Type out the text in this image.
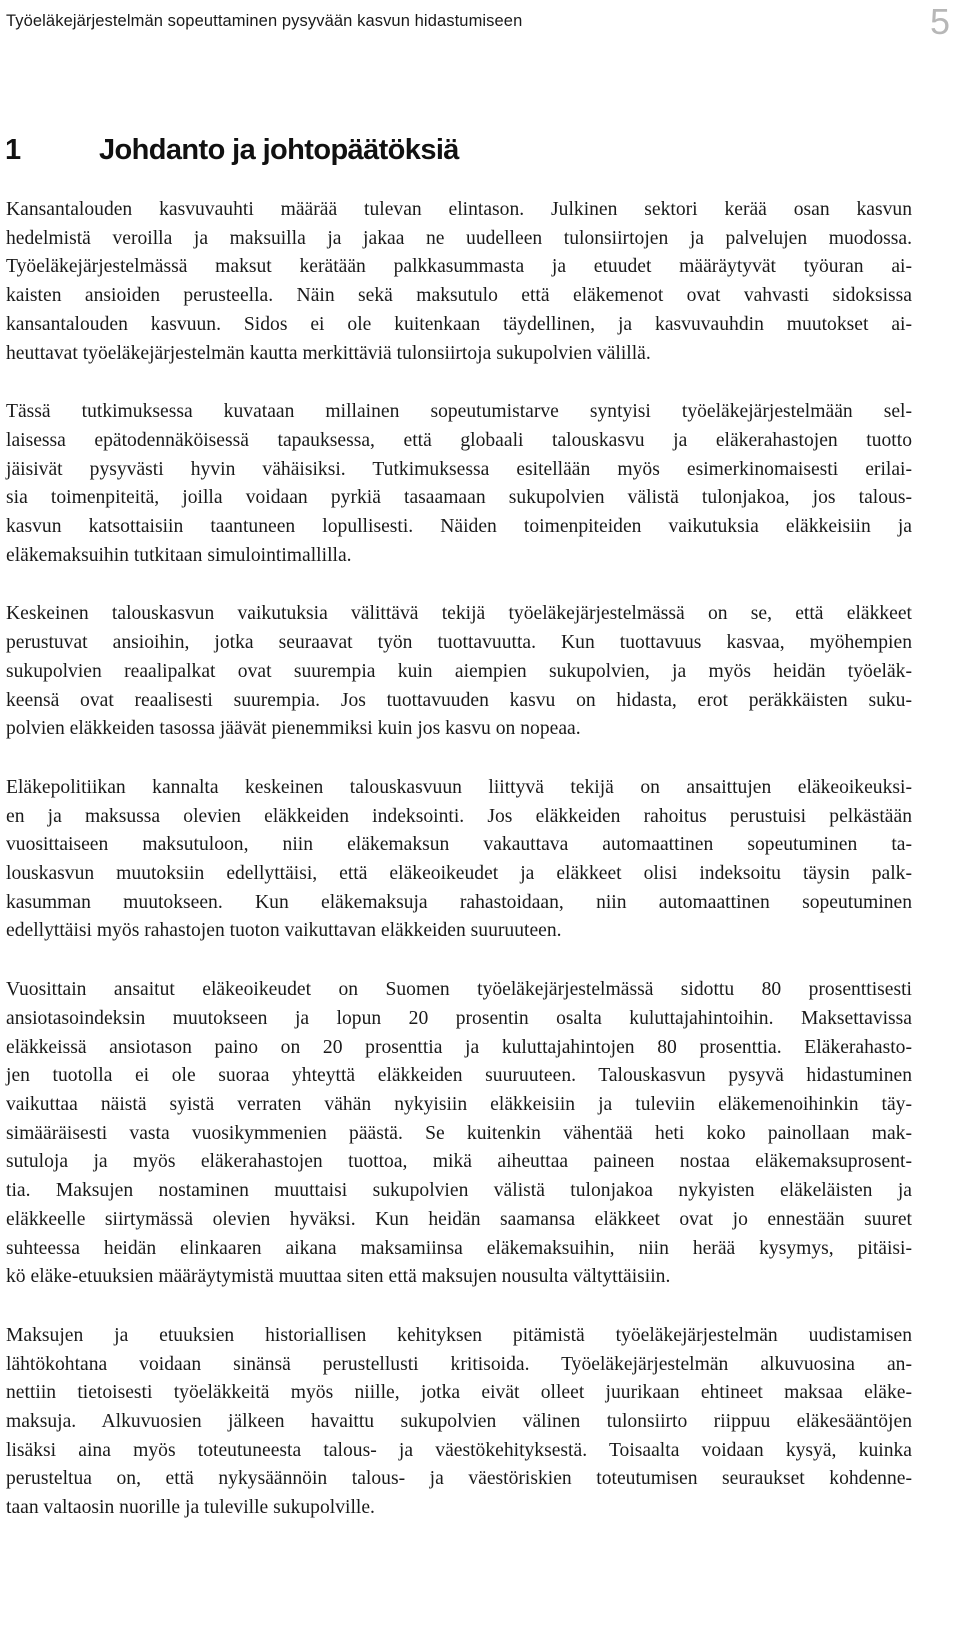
Työeläkejärjestelmän sopeuttaminen pysyvään kasvun hidastumiseen	5
1	Johdanto ja johtopäätöksiä

Kansantalouden kasvuvauhti määrää tulevan elintason. Julkinen sektori kerää osan kasvun
hedelmistä veroilla ja maksuilla ja jakaa ne uudelleen tulonsiirtojen ja palvelujen muodossa.
Työeläkejärjestelmässä maksut kerätään palkkasummasta ja etuudet määräytyvät työuran ai-
kaisten ansioiden perusteella. Näin sekä maksutulo että eläkemenot ovat vahvasti sidoksissa
kansantalouden kasvuun. Sidos ei ole kuitenkaan täydellinen, ja kasvuvauhdin muutokset ai-
heuttavat työeläkejärjestelmän kautta merkittäviä tulonsiirtoja sukupolvien välillä.

Tässä tutkimuksessa kuvataan millainen sopeutumistarve syntyisi työeläkejärjestelmään sel-
laisessa epätodennäköisessä tapauksessa, että globaali talouskasvu ja eläkerahastojen tuotto
jäisivät pysyvästi hyvin vähäisiksi. Tutkimuksessa esitellään myös esimerkinomaisesti erilai-
sia toimenpiteitä, joilla voidaan pyrkiä tasaamaan sukupolvien välistä tulonjakoa, jos talous-
kasvun katsottaisiin taantuneen lopullisesti. Näiden toimenpiteiden vaikutuksia eläkkeisiin ja
eläkemaksuihin tutkitaan simulointimallilla.

Keskeinen talouskasvun vaikutuksia välittävä tekijä työeläkejärjestelmässä on se, että eläkkeet
perustuvat ansioihin, jotka seuraavat työn tuottavuutta. Kun tuottavuus kasvaa, myöhempien
sukupolvien reaalipalkat ovat suurempia kuin aiempien sukupolvien, ja myös heidän työeläk-
keensä ovat reaalisesti suurempia. Jos tuottavuuden kasvu on hidasta, erot peräkkäisten suku-
polvien eläkkeiden tasossa jäävät pienemmiksi kuin jos kasvu on nopeaa.

Eläkepolitiikan kannalta keskeinen talouskasvuun liittyvä tekijä on ansaittujen eläkeoikeuksi-
en ja maksussa olevien eläkkeiden indeksointi. Jos eläkkeiden rahoitus perustuisi pelkästään
vuosittaiseen maksutuloon, niin eläkemaksun vakauttava automaattinen sopeutuminen ta-
louskasvun muutoksiin edellyttäisi, että eläkeoikeudet ja eläkkeet olisi indeksoitu täysin palk-
kasumman muutokseen. Kun eläkemaksuja rahastoidaan, niin automaattinen sopeutuminen
edellyttäisi myös rahastojen tuoton vaikuttavan eläkkeiden suuruuteen.

Vuosittain ansaitut eläkeoikeudet on Suomen työeläkejärjestelmässä sidottu 80 prosenttisesti
ansiotasoindeksin muutokseen ja lopun 20 prosentin osalta kuluttajahintoihin. Maksettavissa
eläkkeissä ansiotason paino on 20 prosenttia ja kuluttajahintojen 80 prosenttia. Eläkerahasto-
jen tuotolla ei ole suoraa yhteyttä eläkkeiden suuruuteen. Talouskasvun pysyvä hidastuminen
vaikuttaa näistä syistä verraten vähän nykyisiin eläkkeisiin ja tuleviin eläkemenoihinkin täy-
simääräisesti vasta vuosikymmenien päästä. Se kuitenkin vähentää heti koko painollaan mak-
sutuloja ja myös eläkerahastojen tuottoa, mikä aiheuttaa paineen nostaa eläkemaksuprosent-
tia. Maksujen nostaminen muuttaisi sukupolvien välistä tulonjakoa nykyisten eläkeläisten ja
eläkkeelle siirtymässä olevien hyväksi. Kun heidän saamansa eläkkeet ovat jo ennestään suuret
suhteessa heidän elinkaaren aikana maksamiinsa eläkemaksuihin, niin herää kysymys, pitäisi-
kö eläke-etuuksien määräytymistä muuttaa siten että maksujen nousulta vältyttäisiin.

Maksujen ja etuuksien historiallisen kehityksen pitämistä työeläkejärjestelmän uudistamisen
lähtökohtana voidaan sinänsä perustellusti kritisoida. Työeläkejärjestelmän alkuvuosina an-
nettiin tietoisesti työeläkkeitä myös niille, jotka eivät olleet juurikaan ehtineet maksaa eläke-
maksuja. Alkuvuosien jälkeen havaittu sukupolvien välinen tulonsiirto riippuu eläkesääntöjen
lisäksi aina myös toteutuneesta talous- ja väestökehityksestä. Toisaalta voidaan kysyä, kuinka
perusteltua on, että nykysäännöin talous- ja väestöriskien toteutumisen seuraukset kohdenne-
taan valtaosin nuorille ja tuleville sukupolville.
